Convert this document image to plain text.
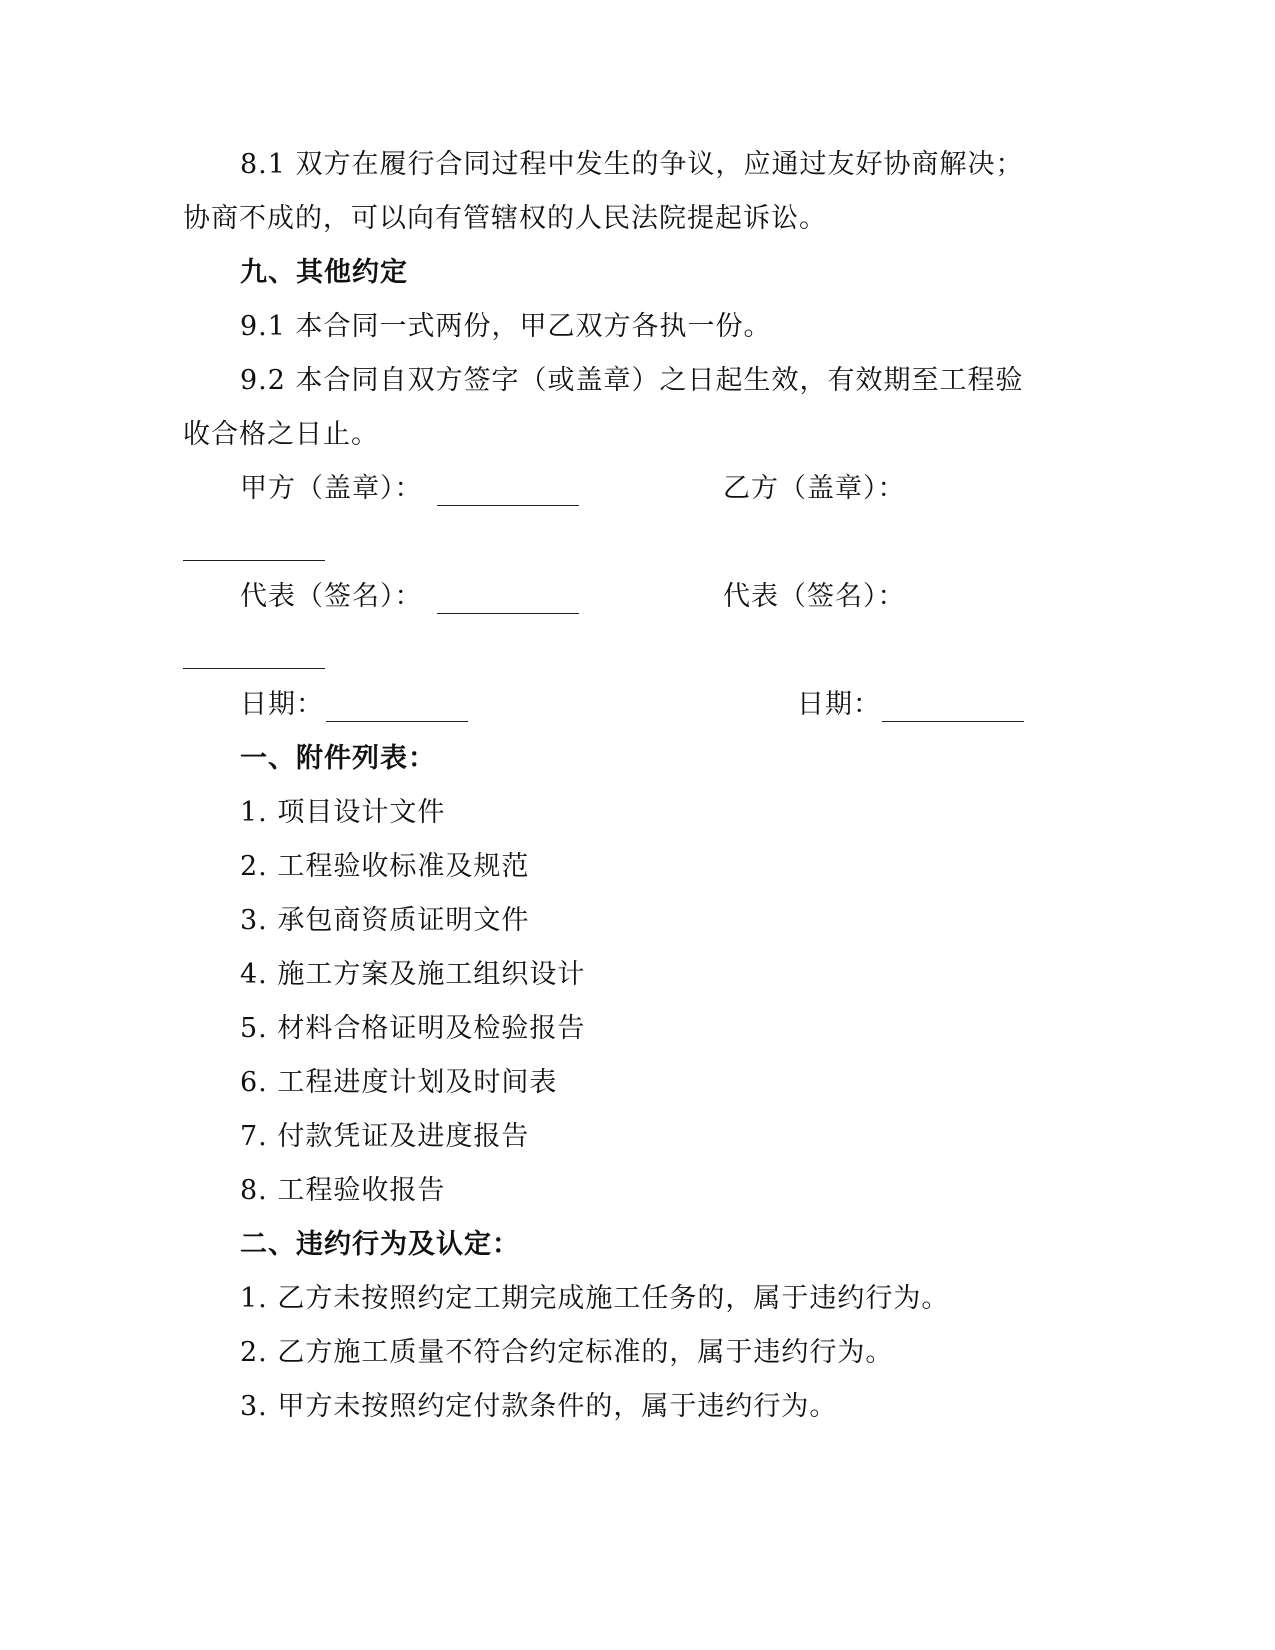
8.1 双方在履行合同过程中发生的争议，应通过友好协商解决；
协商不成的，可以向有管辖权的人民法院提起诉讼。
九、其他约定
9.1 本合同一式两份，甲乙双方各执一份。
9.2 本合同自双方签字（或盖章）之日起生效，有效期至工程验
收合格之日止。
甲方（盖章）：	乙方（盖章）：
代表（签名）：	代表（签名）：
日期：	日期：
一、附件列表：
1. 项目设计文件
2. 工程验收标准及规范
3. 承包商资质证明文件
4. 施工方案及施工组织设计
5. 材料合格证明及检验报告
6. 工程进度计划及时间表
7. 付款凭证及进度报告
8. 工程验收报告
二、违约行为及认定：
1. 乙方未按照约定工期完成施工任务的，属于违约行为。
2. 乙方施工质量不符合约定标准的，属于违约行为。
3. 甲方未按照约定付款条件的，属于违约行为。
